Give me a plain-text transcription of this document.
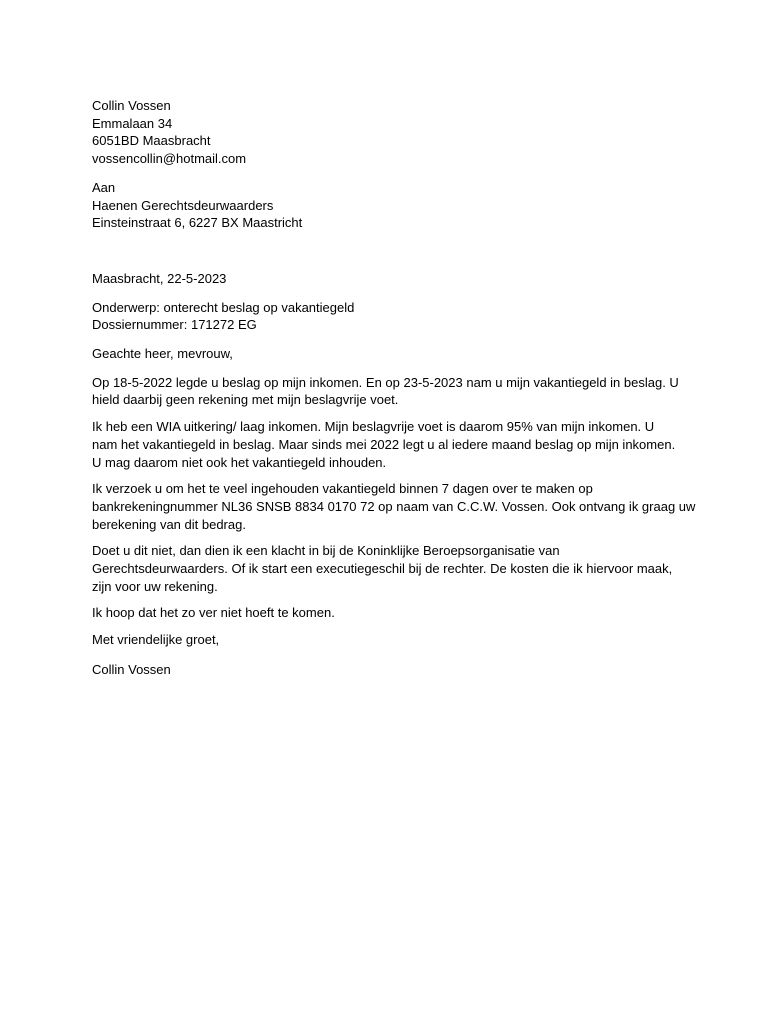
Collin Vossen
Emmalaan 34
6051BD Maasbracht
vossencollin@hotmail.com
Aan
Haenen Gerechtsdeurwaarders
Einsteinstraat 6, 6227 BX Maastricht
Maasbracht, 22-5-2023
Onderwerp: onterecht beslag op vakantiegeld
Dossiernummer: 171272 EG
Geachte heer, mevrouw,
Op 18-5-2022 legde u beslag op mijn inkomen. En op 23-5-2023 nam u mijn vakantiegeld in beslag. U
hield daarbij geen rekening met mijn beslagvrije voet.
Ik heb een WIA uitkering/ laag inkomen. Mijn beslagvrije voet is daarom 95% van mijn inkomen. U
nam het vakantiegeld in beslag. Maar sinds mei 2022 legt u al iedere maand beslag op mijn inkomen.
U mag daarom niet ook het vakantiegeld inhouden.
Ik verzoek u om het te veel ingehouden vakantiegeld binnen 7 dagen over te maken op
bankrekeningnummer NL36 SNSB 8834 0170 72 op naam van C.C.W. Vossen. Ook ontvang ik graag uw
berekening van dit bedrag.
Doet u dit niet, dan dien ik een klacht in bij de Koninklijke Beroepsorganisatie van
Gerechtsdeurwaarders. Of ik start een executiegeschil bij de rechter. De kosten die ik hiervoor maak,
zijn voor uw rekening.
Ik hoop dat het zo ver niet hoeft te komen.
Met vriendelijke groet,
Collin Vossen
